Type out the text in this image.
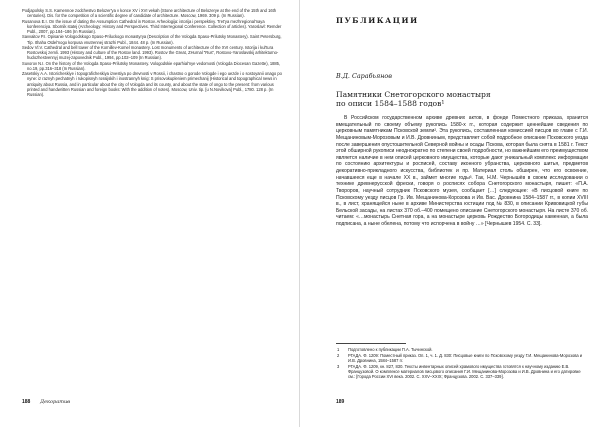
Podjapolsky S.S. Kamennoe zodchestvo Belozer'ya v konce XV i XVI vekah (Stone architecture of Belozerye at the end of the 15th and 16th centuries). Dis. for the competition of a scientific degree of candidate of architecture. Moscow, 1969. 309 p. (In Russian).

Rusanova E.I. On the issue of dating the Assumption Cathedral in Rostov. Arheologija: istorija i perspektivy. Tret'ya mezhregional'naya konferenciya. Sbornik statej (Archeology: History and Perspectives. Third Interregional Conference. Collection of articles). Yaroslavl: Remder Publ., 2007, pp.184–186 (In Russian).

Savvaitov P.I. Opisanie Vologodskogo Spaso-Priluckogo monastyrya (Description of the Vologda Spaso-Prilutsky Monastery). Saint Petersburg, Tip. Ithaha Otdel'nogo korpusa vnutrennej strazhi Publ., 1844. 48 p. (In Russian).

Sedov Vl.V. Cathedral and bell tower of the Kornillev-Komel monastery. Lost monuments of architecture of the XVI century. Istorija i kul'tura Rostovskoj zemli. 1993 (History and culture of the Rostov land. 1993). Rostov the Great, ZHurnal "Rus", Rostovo-Yaroslavskij arhitekturno-hudozhestvennyj muzej-zapovednik Publ., 1994, pp.102–109 (In Russian).

Suvorov N.I. On the history of the Vologda Spaso-Prilutsky Monastery. Vologodskie eparhial'nye vedomosti (Vologda Diocesan Gazette), 1885, no.19, pp.316–318 (In Russian).

Zasetskiy A.A. Istoricheskiye i topograficheskiya izvestiya po drevnosti v Rossii, i chastno o gorode Vologde i ego uezde i o sostoyanii onago po nyne: iz raznyh pechatnyh i rukopisnyh rossijskih i inostrannyh knig: S prisovokupleniem primechanij (Historical and topographical news in antiquity about Russia, and in particular about the city of Vologda and its county, and about the state of ongo to the present: from various printed and handwritten Russian and foreign books: With the addition of notes). Moscow, Univ. tip. [u N.Novikova] Publ., 1780. 128 p. (In Russian).

188 Декоратив

ПУБЛИКАЦИИ

В.Д. Сарабьянов

Памятники Снетогорского монастыря
по описи 1584–1588 годов¹

В Российском государственном архиве древних актов, в фонде Поместного приказа, хранится вмещательный по своему объему рукопись 1580-х гг., которая содержит ценнейшие сведения по церковным памятникам Псковской земли². Эта рукопись, составленная комиссией писцов во главе с Г.И. Мещаниновым-Морозовым и И.В. Дровниным, представляет собой подробное описание Псковского уезда после завершения опустошительной Северной войны и осады Пскова, которая была снята в 1581 г. Текст этой обширной рукописи неоднократно по степени своей подробности, но важнейшим его преимуществом является наличие в нем описей церковного имущества, которые дают уникальный комплекс информации по состоянию архитектуры и росписей, составу иконного убранства, церковного шитья, предметов декоративно-прикладного искусства, библиотек и пр. Материал столь обширен, что его освоение, начавшееся еще в начале XX в., займет многие годы³. Так, Н.М. Чернышёв в своем исследовании о технике древнерусской фрески, говоря о росписях собора Снетогорского монастыря, пишет: «П.А. Твороров, научный сотрудник Псковского музея, сообщает […] следующее: «В писцовой книге по Псковскому уезду писцов Гр. Ив. Мещанинова-Корозова и Ив. Вас. Дровнина 1584–1587 гг., в копии XVIII в., в лист, хранящейся ныне в архиве Министерства юстиции под № 830, в описании Кривовицкой губы Бельской засады, на листах 370 об.–400 помещено описание Снетогорского монастыря. На листе 370 об. читаем: «…монастырь Снетная гора, а на монастыре церковь Рождество Богородицы каменная, а была подписана, а ныне обелена, потому что испорчена в войну …» [Чернышев 1954. С. 33].

1 Подготовлено к публикации П.А. Тычинской.

2 РГАДА. Ф. 1209: Поместный приказ. Оп. 1, ч. 1. Д. 830: Писцовые книги по Псковскому уезду Г.И. Мещанинова-Морозова и И.В. Дровнина, 1584–1587 гг.

3 РГАДА. Ф. 1209, кн. 827, 830. Тексты инвентарных описей храмового имущества готовятся к научному изданию Е.В. Французовой. О комплексе материалов писцового описания Г.И. Мещанинова-Морозова и И.В. Дровнина и его датировке см.: [Города России XVI века. 2002. С. XXV–XXIX; Французова. 2002. С. 337–339].

189
